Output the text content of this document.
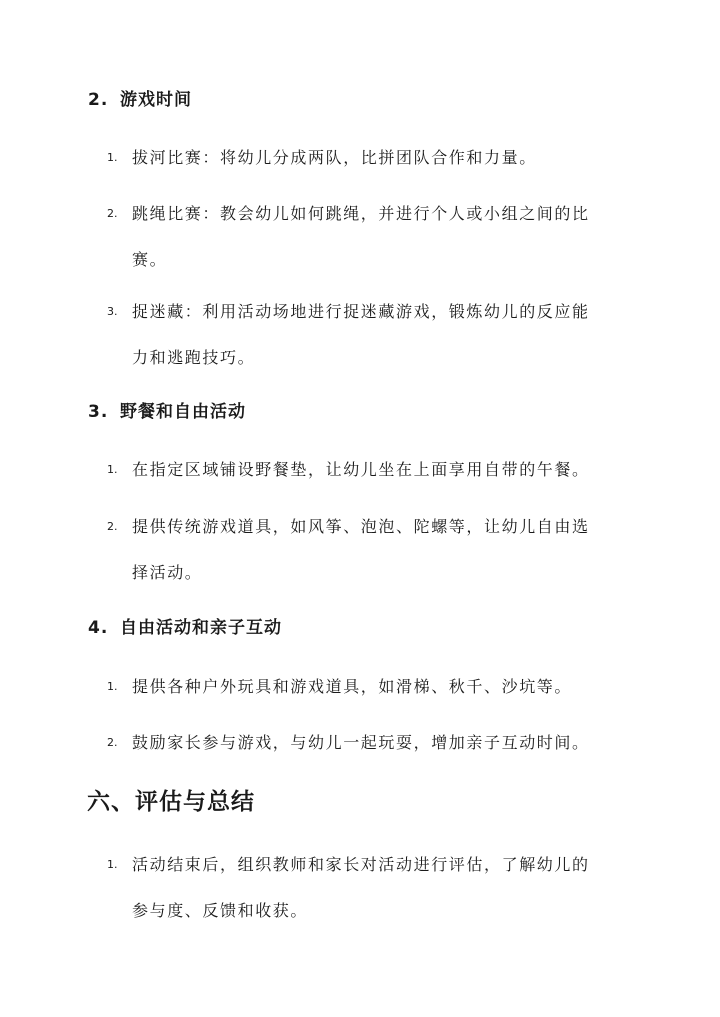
2. 游戏时间
1. 拔河比赛：将幼儿分成两队，比拼团队合作和力量。
2. 跳绳比赛：教会幼儿如何跳绳，并进行个人或小组之间的比
赛。
3. 捉迷藏：利用活动场地进行捉迷藏游戏，锻炼幼儿的反应能
力和逃跑技巧。
3. 野餐和自由活动
1. 在指定区域铺设野餐垫，让幼儿坐在上面享用自带的午餐。
2. 提供传统游戏道具，如风筝、泡泡、陀螺等，让幼儿自由选
择活动。
4. 自由活动和亲子互动
1. 提供各种户外玩具和游戏道具，如滑梯、秋千、沙坑等。
2. 鼓励家长参与游戏，与幼儿一起玩耍，增加亲子互动时间。
六、评估与总结
1. 活动结束后，组织教师和家长对活动进行评估，了解幼儿的
参与度、反馈和收获。
